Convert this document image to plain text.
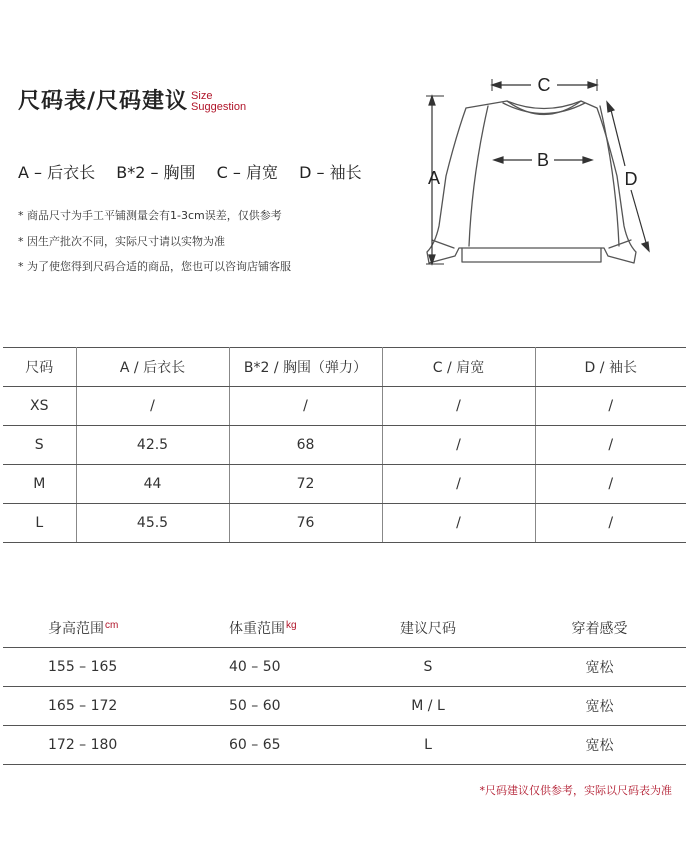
尺码表/尺码建议 Size
Suggestion
A – 后衣长 B*2 – 胸围 C – 肩宽 D – 袖长
* 商品尺寸为手工平铺测量会有1-3cm误差，仅供参考
* 因生产批次不同，实际尺寸请以实物为准
* 为了使您得到尺码合适的商品，您也可以咨询店铺客服
A
B
C
D
尺码	A / 后衣长	B*2 / 胸围（弹力）	C / 肩宽	D / 袖长
XS	/	/	/	/
S	42.5	68	/	/
M	44	72	/	/
L	45.5	76	/	/
身高范围$^{cm}$	体重范围$^{kg}$	建议尺码	穿着感受
155 – 165	40 – 50	S	宽松
165 – 172	50 – 60	M / L	宽松
172 – 180	60 – 65	L	宽松
*尺码建议仅供参考，实际以尺码表为准
